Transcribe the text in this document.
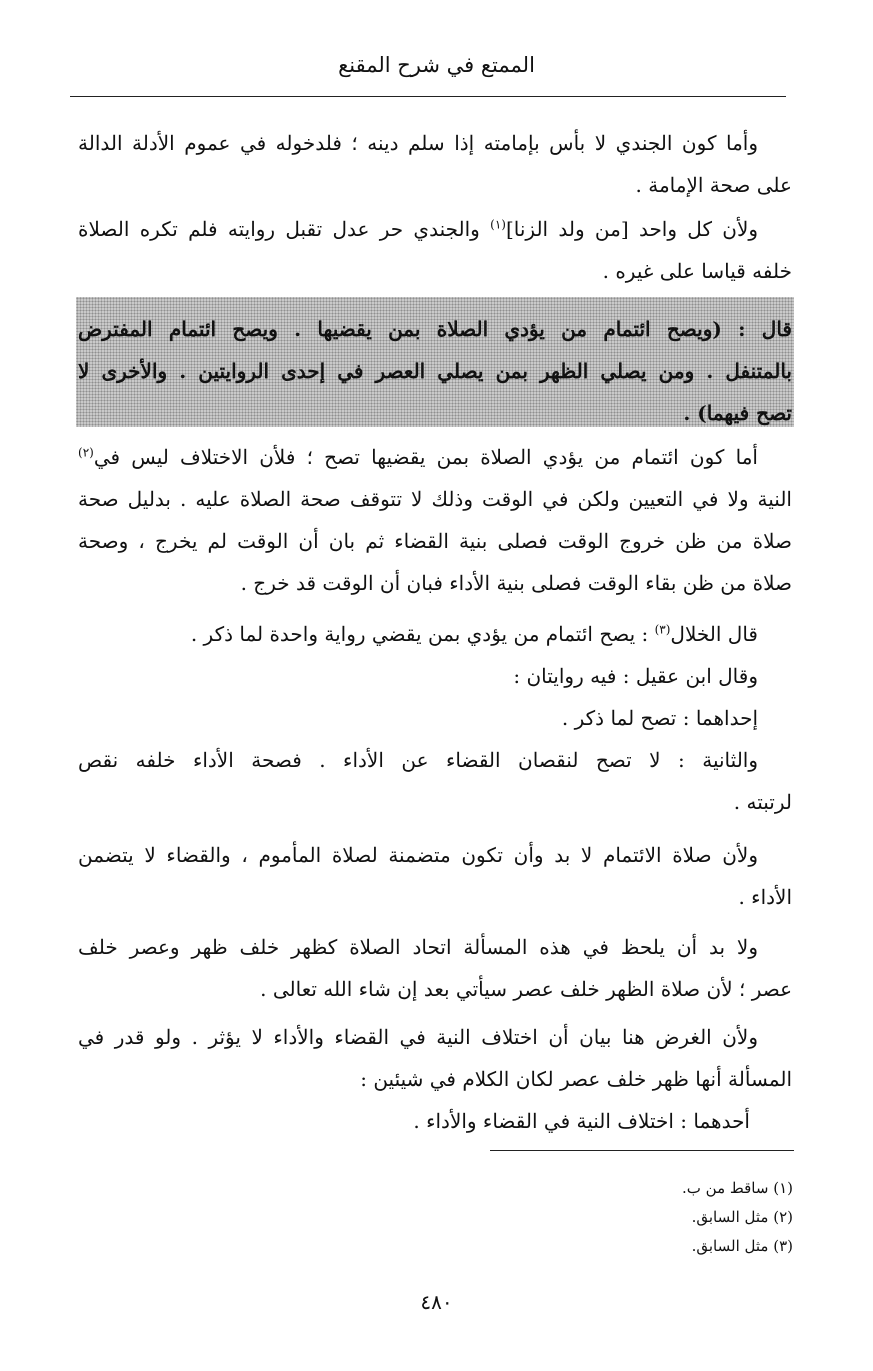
الممتع في شرح المقنع
وأما كون الجندي لا بأس بإمامته إذا سلم دينه ؛ فلدخوله في عموم الأدلة الدالة
على صحة الإمامة .
ولأن كل واحد [من ولد الزنا]$^{(١)}$ والجندي حر عدل تقبل روايته فلم تكره الصلاة
خلفه قياسا على غيره .
قال : (ويصح ائتمام من يؤدي الصلاة بمن يقضيها . ويصح ائتمام المفترض
بالمتنفل . ومن يصلي الظهر بمن يصلي العصر في إحدى الروايتين . والأخرى لا
تصح فيهما) .
أما كون ائتمام من يؤدي الصلاة بمن يقضيها تصح ؛ فلأن الاختلاف ليس في$^{(٢)}$
النية ولا في التعيين ولكن في الوقت وذلك لا تتوقف صحة الصلاة عليه . بدليل صحة
صلاة من ظن خروج الوقت فصلى بنية القضاء ثم بان أن الوقت لم يخرج ، وصحة
صلاة من ظن بقاء الوقت فصلى بنية الأداء فبان أن الوقت قد خرج .
قال الخلال$^{(٣)}$ : يصح ائتمام من يؤدي بمن يقضي رواية واحدة لما ذكر .
وقال ابن عقيل : فيه روايتان :
إحداهما : تصح لما ذكر .
والثانية : لا تصح لنقصان القضاء عن الأداء . فصحة الأداء خلفه نقص
لرتبته .
ولأن صلاة الائتمام لا بد وأن تكون متضمنة لصلاة المأموم ، والقضاء لا يتضمن
الأداء .
ولا بد أن يلحظ في هذه المسألة اتحاد الصلاة كظهر خلف ظهر وعصر خلف
عصر ؛ لأن صلاة الظهر خلف عصر سيأتي بعد إن شاء الله تعالى .
ولأن الغرض هنا بيان أن اختلاف النية في القضاء والأداء لا يؤثر . ولو قدر في
المسألة أنها ظهر خلف عصر لكان الكلام في شيئين :
أحدهما : اختلاف النية في القضاء والأداء .
(١) ساقط من ب.
(٢) مثل السابق.
(٣) مثل السابق.
٤٨٠
